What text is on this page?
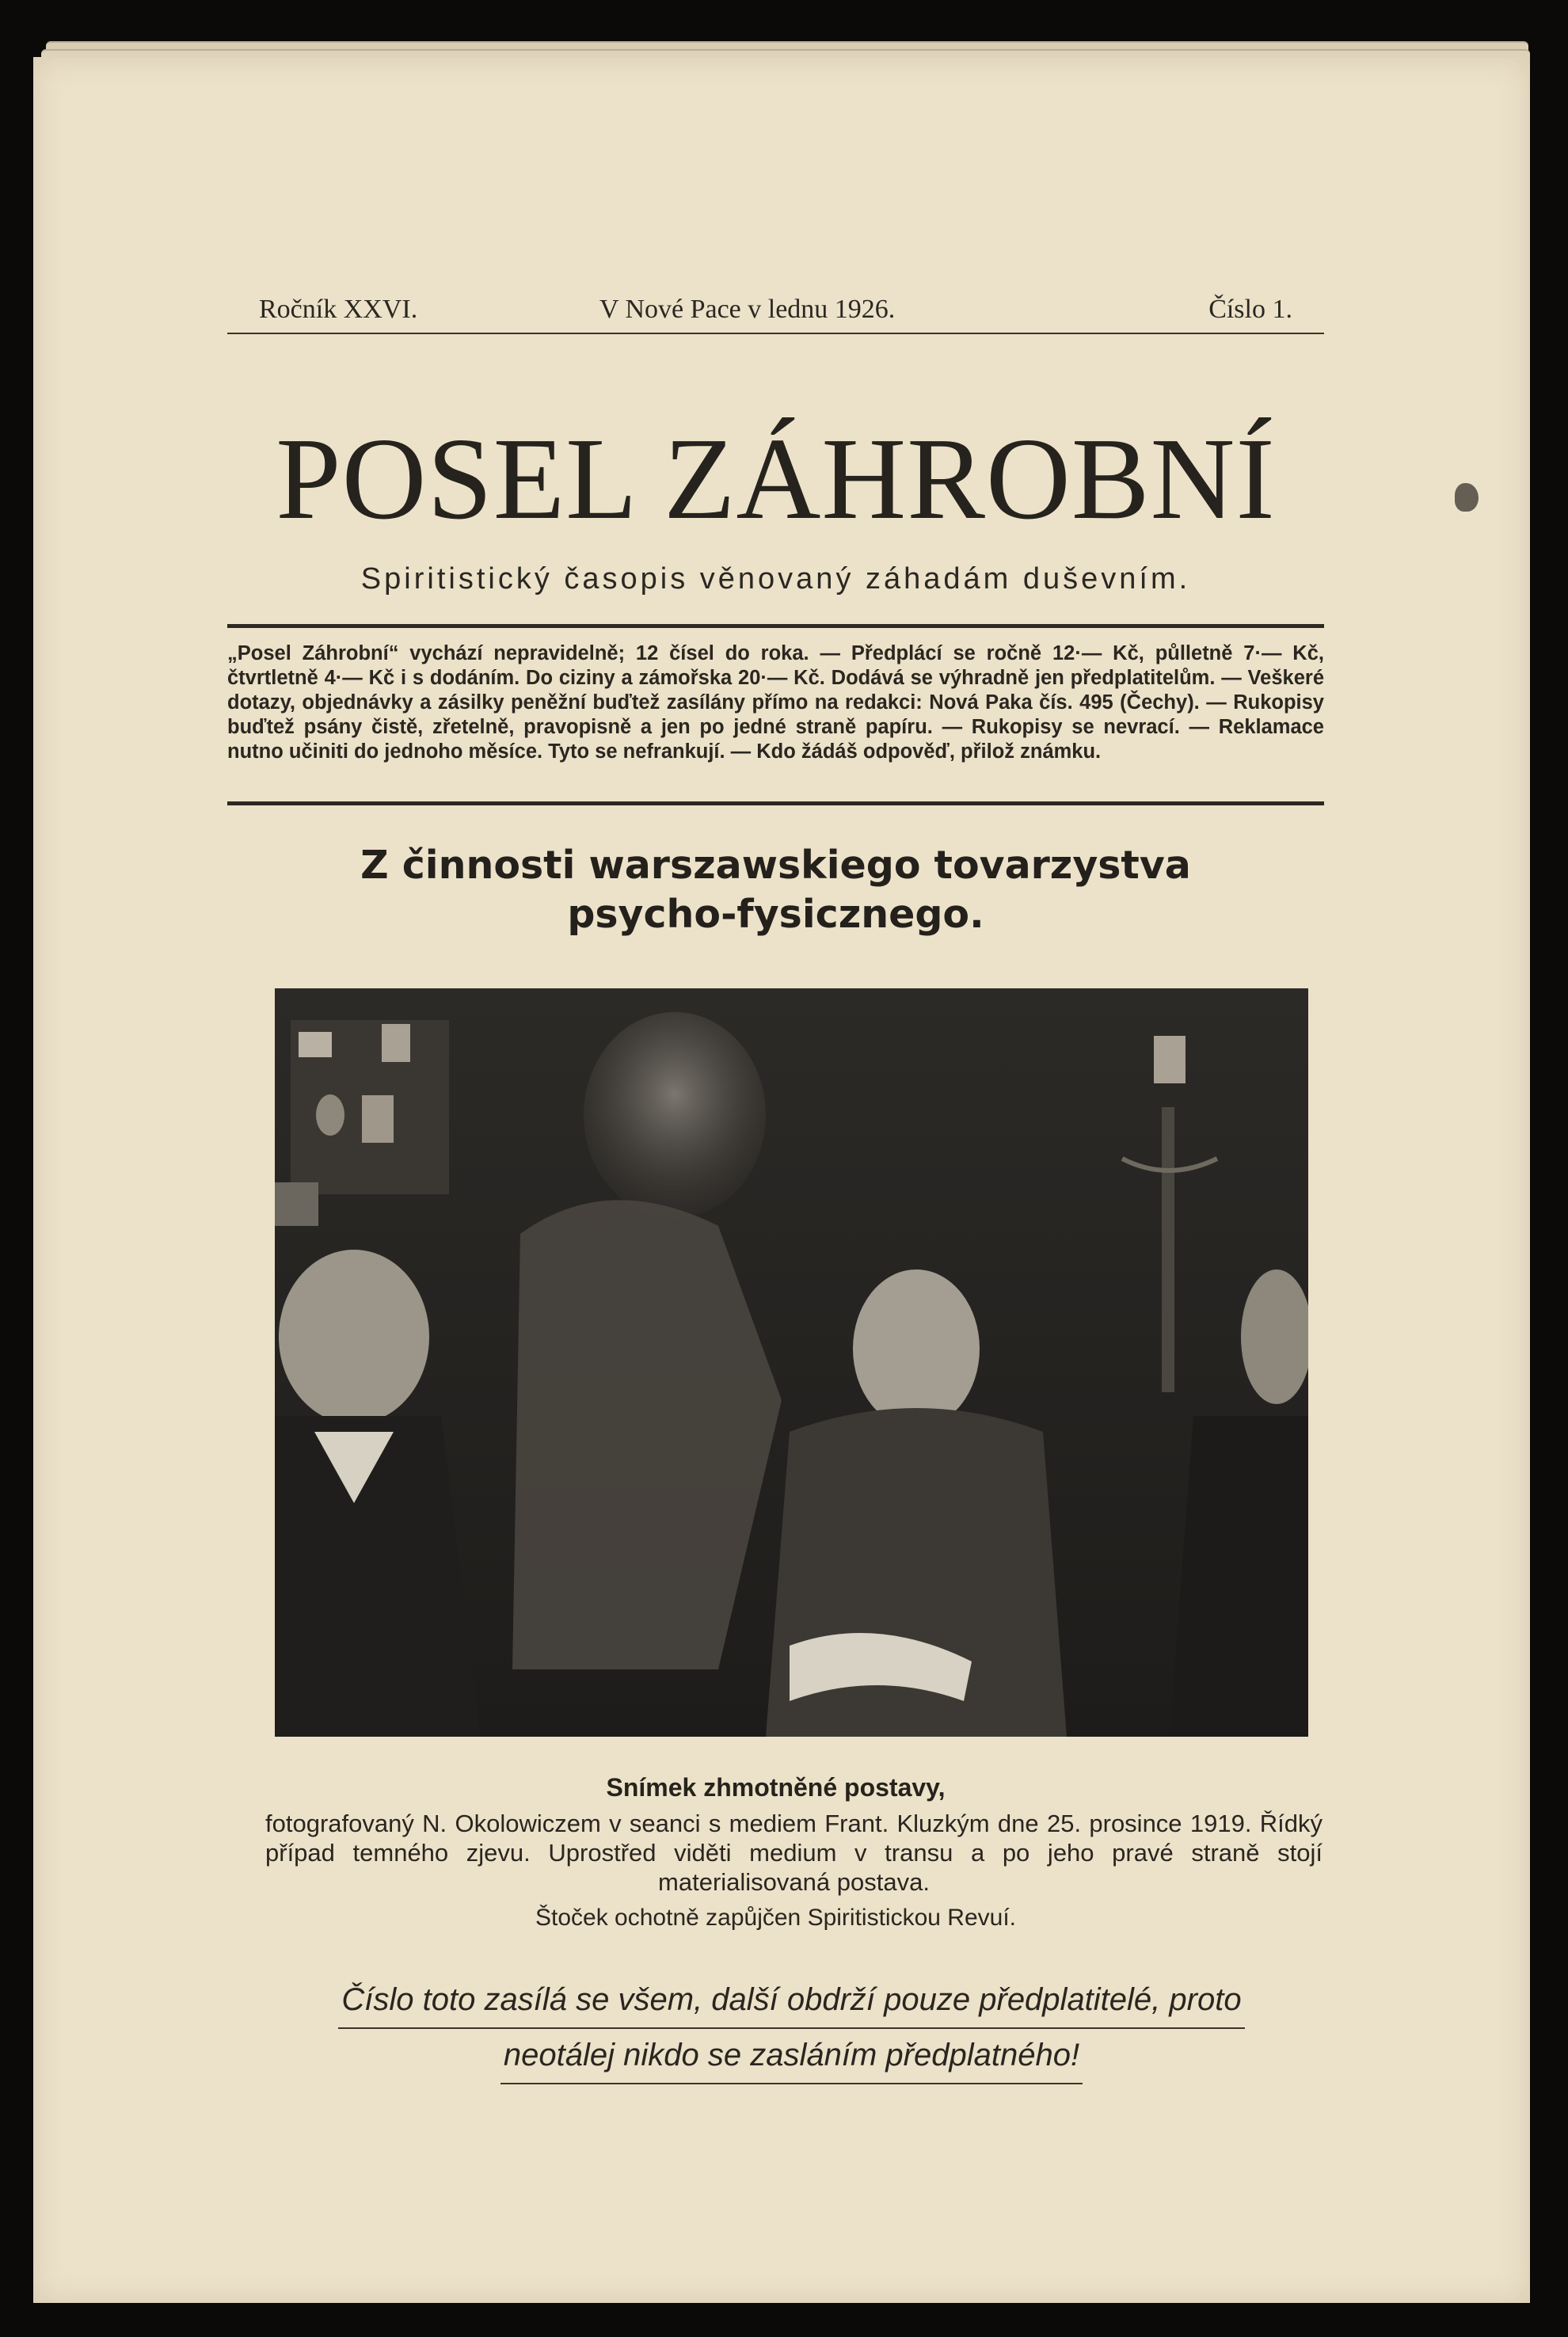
Ročník XXVI.	V Nové Pace v lednu 1926.	Číslo 1.
POSEL ZÁHROBNÍ
Spiritistický časopis věnovaný záhadám duševním.
„Posel Záhrobní“ vychází nepravidelně; 12 čísel do roka. — Předplácí se ročně 12·— Kč, půlletně 7·— Kč, čtvrtletně 4·— Kč i s dodáním. Do ciziny a zámořska 20·— Kč. Dodává se výhradně jen předplatitelům. — Veškeré dotazy, objednávky a zásilky peněžní buďtež zasílány přímo na redakci: Nová Paka čís. 495 (Čechy). — Rukopisy buďtež psány čistě, zřetelně, pravopisně a jen po jedné straně papíru. — Rukopisy se nevrací. — Reklamace nutno učiniti do jednoho měsíce. Tyto se nefrankují. — Kdo žádáš odpověď, přilož známku.
Z činnosti warszawskiego tovarzystva
psycho-fysicznego.
Snímek zhmotněné postavy,
fotografovaný N. Okolowiczem v seanci s mediem Frant. Kluzkým dne 25. prosince 1919. Řídký případ temného zjevu. Uprostřed viděti medium v transu a po jeho pravé straně stojí materialisovaná postava.
Štoček ochotně zapůjčen Spiritistickou Revuí.
Číslo toto zasílá se všem, další obdrží pouze předplatitelé, proto
neotálej nikdo se zasláním předplatného!
